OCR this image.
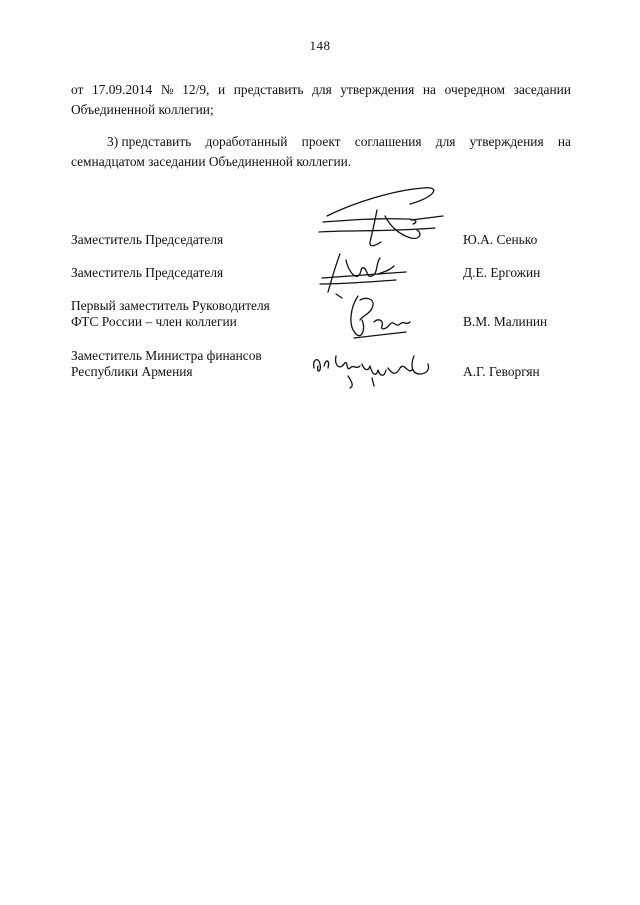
148
от 17.09.2014 № 12/9, и представить для утверждения на очередном заседании
Объединенной коллегии;
3) представить доработанный проект соглашения для утверждения на
семнадцатом заседании Объединенной коллегии.
Заместитель Председателя	Ю.А. Сенько
Заместитель Председателя	Д.Е. Ергожин
Первый заместитель Руководителя
ФТС России – член коллегии	В.М. Малинин
Заместитель Министра финансов
Республики Армения	А.Г. Геворгян
